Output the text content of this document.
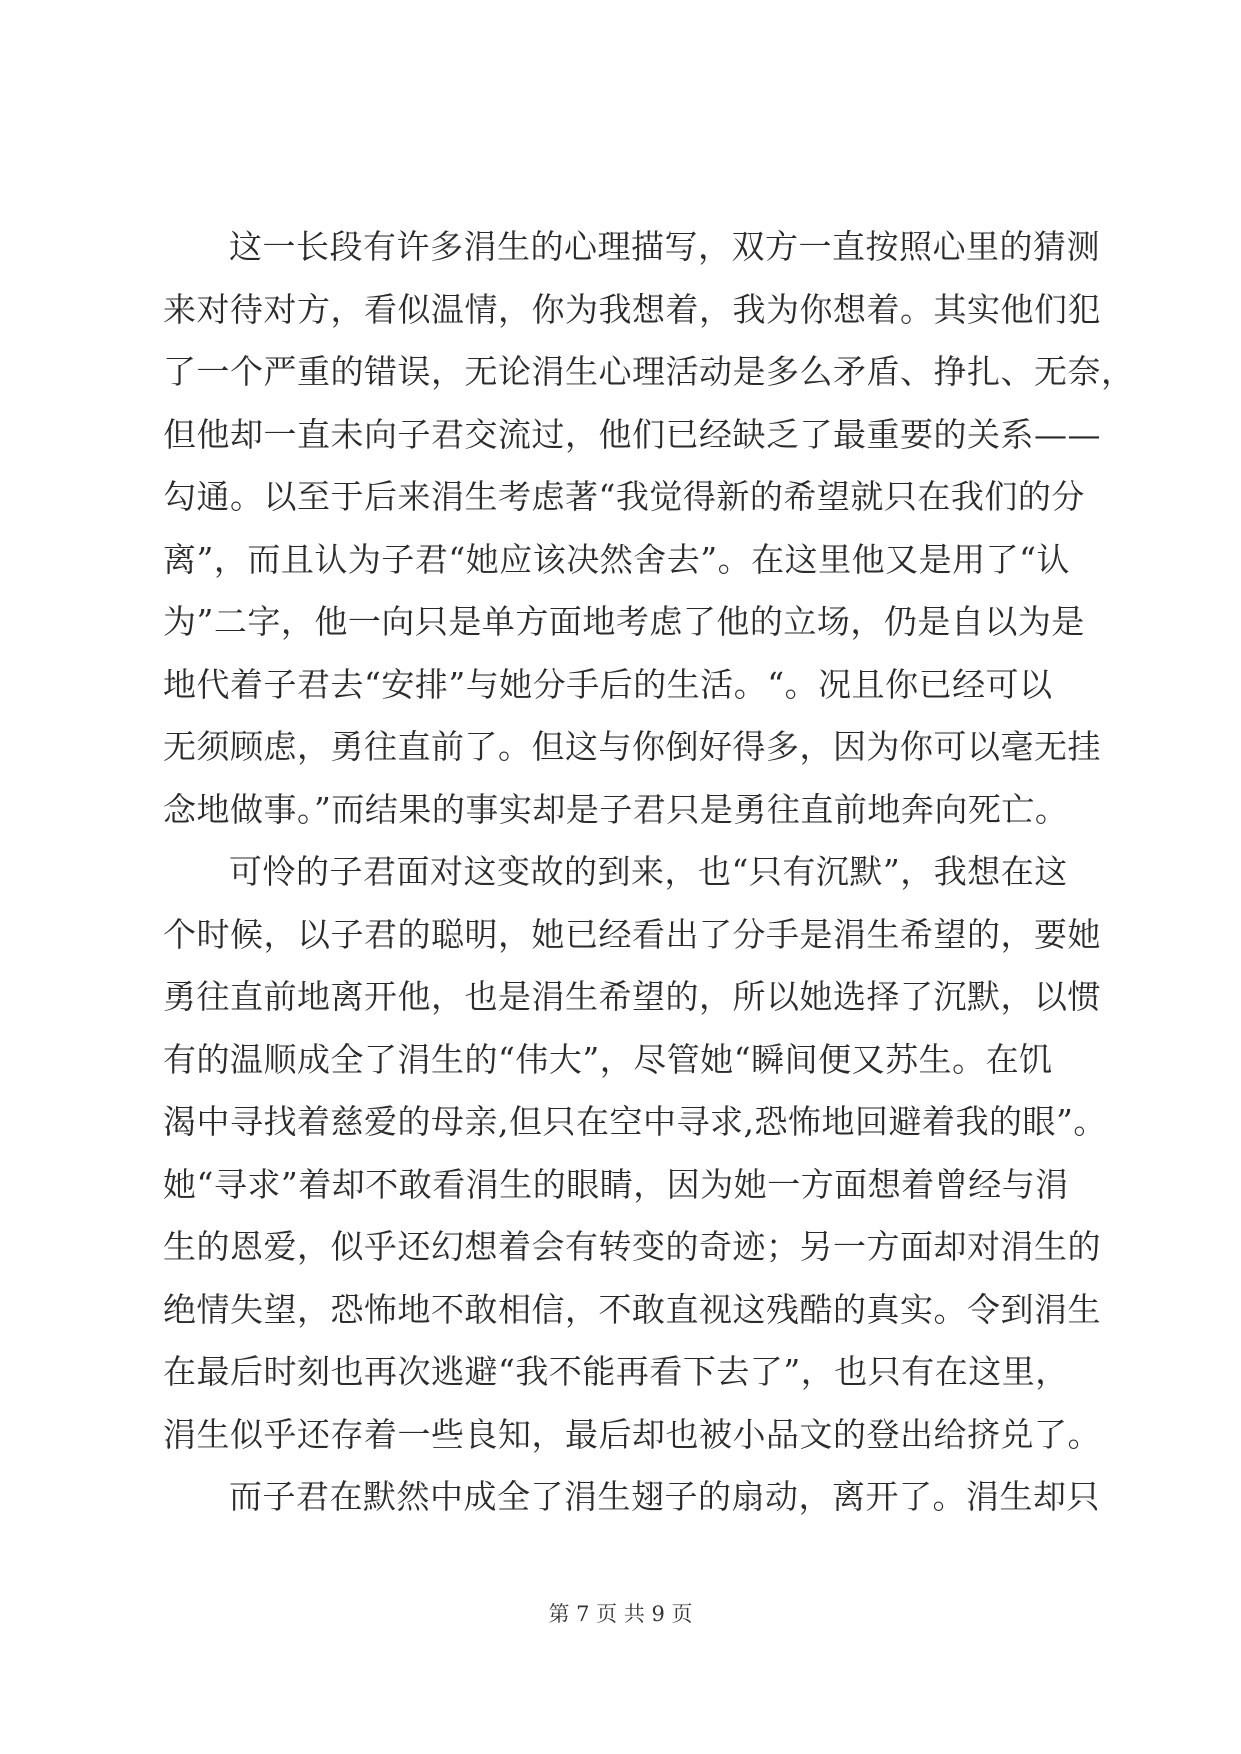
这一长段有许多涓生的心理描写，双方一直按照心里的猜测
来对待对方，看似温情，你为我想着，我为你想着。其实他们犯
了一个严重的错误，无论涓生心理活动是多么矛盾、挣扎、无奈，
但他却一直未向子君交流过，他们已经缺乏了最重要的关系——
勾通。以至于后来涓生考虑著“我觉得新的希望就只在我们的分
离”，而且认为子君“她应该决然舍去”。在这里他又是用了“认
为”二字，他一向只是单方面地考虑了他的立场，仍是自以为是
地代着子君去“安排”与她分手后的生活。“。况且你已经可以
无须顾虑，勇往直前了。但这与你倒好得多，因为你可以毫无挂
念地做事。”而结果的事实却是子君只是勇往直前地奔向死亡。

可怜的子君面对这变故的到来，也“只有沉默”，我想在这
个时候，以子君的聪明，她已经看出了分手是涓生希望的，要她
勇往直前地离开他，也是涓生希望的，所以她选择了沉默，以惯
有的温顺成全了涓生的“伟大”，尽管她“瞬间便又苏生。在饥
渴中寻找着慈爱的母亲,但只在空中寻求,恐怖地回避着我的眼”。
她“寻求”着却不敢看涓生的眼睛，因为她一方面想着曾经与涓
生的恩爱，似乎还幻想着会有转变的奇迹；另一方面却对涓生的
绝情失望，恐怖地不敢相信，不敢直视这残酷的真实。令到涓生
在最后时刻也再次逃避“我不能再看下去了”，也只有在这里，
涓生似乎还存着一些良知，最后却也被小品文的登出给挤兑了。

而子君在默然中成全了涓生翅子的扇动，离开了。涓生却只

第 7 页 共 9 页
